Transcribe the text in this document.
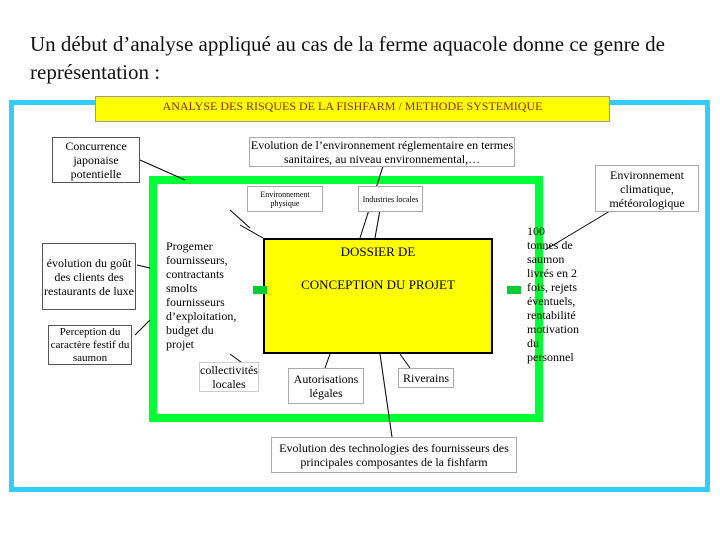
Un début d’analyse appliqué au cas de la ferme aquacole donne ce genre de représentation :
ANALYSE DES RISQUES DE LA FISHFARM / METHODE SYSTEMIQUE
DOSSIER DE
CONCEPTION DU PROJET
Concurrence japonaise potentielle
Evolution de l’environnement réglementaire en termes sanitaires, au niveau environnemental,…
Environnement climatique, météorologique
Environnement physique	Industries locales
évolution du goût des clients des restaurants de luxe
Perception du caractère festif du saumon
Progemer fournisseurs, contractants smolts fournisseurs d’exploitation, budget du projet
collectivités locales	Autorisations légales
Riverains
100 tonnes de saumon livrés en 2 fois, rejets éventuels, rentabilité motivation du personnel
Evolution des technologies des fournisseurs des principales composantes de la fishfarm
